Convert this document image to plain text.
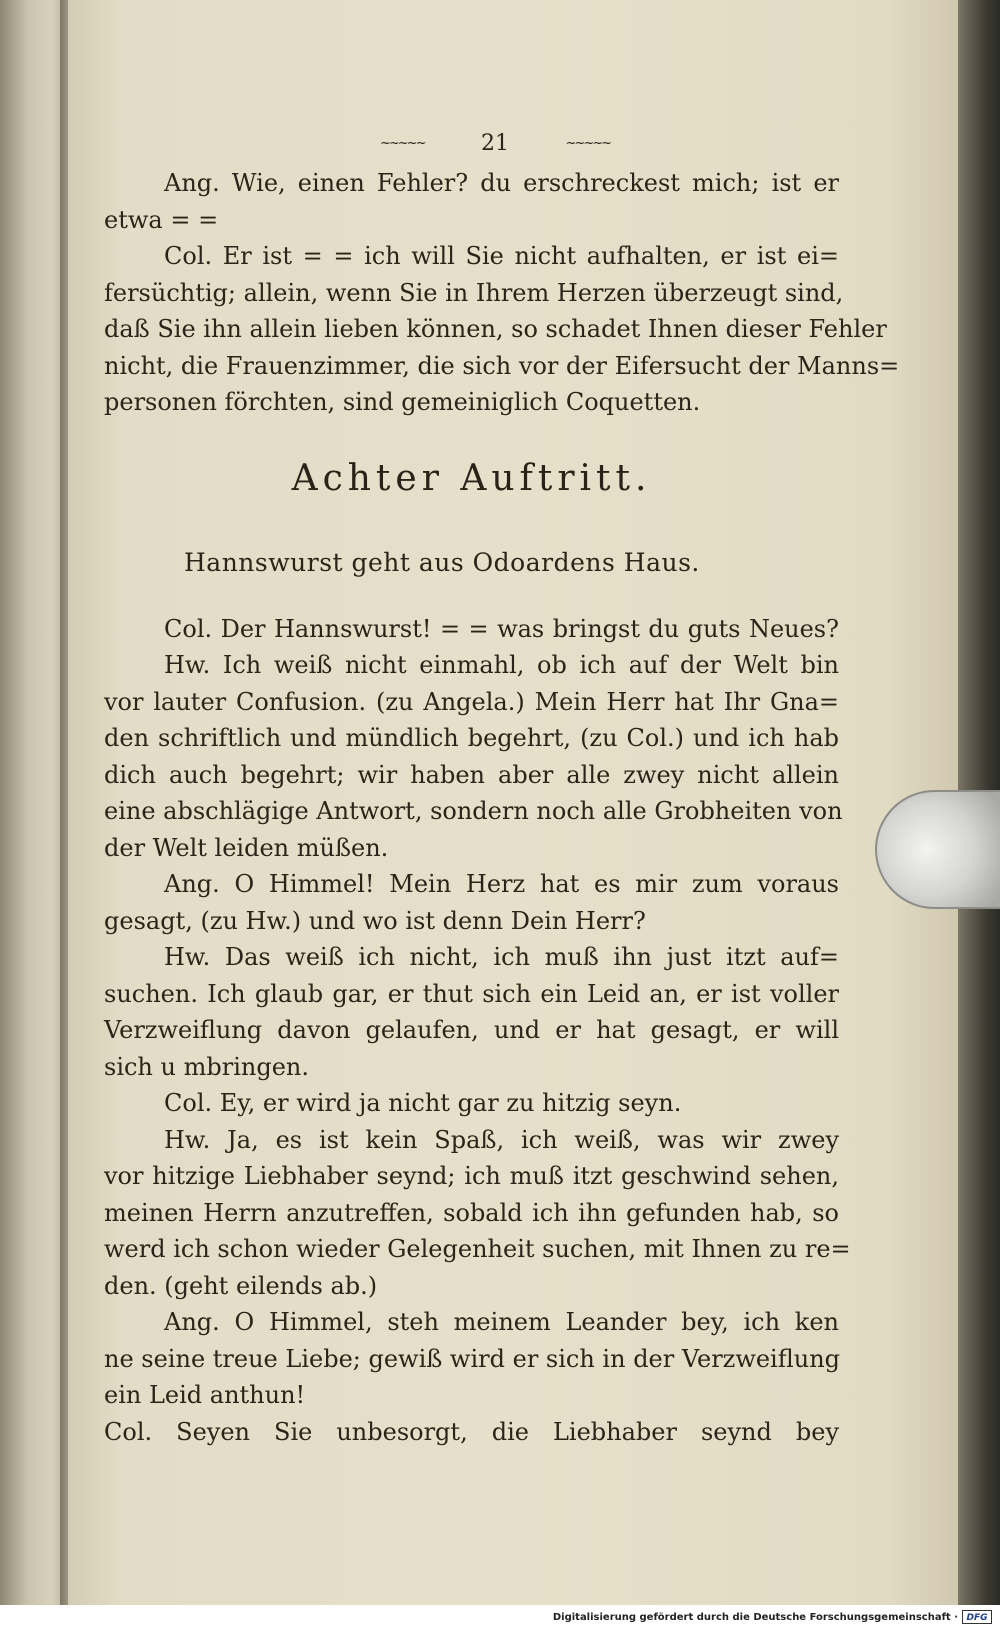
~~~~~	21	~~~~~
Ang. Wie, einen Fehler? du erschreckest mich; ist er
etwa = =
Col. Er ist = = ich will Sie nicht aufhalten, er ist ei=
fersüchtig; allein, wenn Sie in Ihrem Herzen überzeugt sind,
daß Sie ihn allein lieben können, so schadet Ihnen dieser Fehler
nicht, die Frauenzimmer, die sich vor der Eifersucht der Manns=
personen förchten, sind gemeiniglich Coquetten.
Achter Auftritt.
Hannswurst geht aus Odoardens Haus.
Col. Der Hannswurst! = = was bringst du guts Neues?
Hw. Ich weiß nicht einmahl, ob ich auf der Welt bin
vor lauter Confusion. (zu Angela.) Mein Herr hat Ihr Gna=
den schriftlich und mündlich begehrt, (zu Col.) und ich hab
dich auch begehrt; wir haben aber alle zwey nicht allein
eine abschlägige Antwort, sondern noch alle Grobheiten von
der Welt leiden müßen.
Ang. O Himmel! Mein Herz hat es mir zum voraus
gesagt, (zu Hw.) und wo ist denn Dein Herr?
Hw. Das weiß ich nicht, ich muß ihn just itzt auf=
suchen. Ich glaub gar, er thut sich ein Leid an, er ist voller
Verzweiflung davon gelaufen, und er hat gesagt, er will
sich u mbringen.
Col. Ey, er wird ja nicht gar zu hitzig seyn.
Hw. Ja, es ist kein Spaß, ich weiß, was wir zwey
vor hitzige Liebhaber seynd; ich muß itzt geschwind sehen,
meinen Herrn anzutreffen, sobald ich ihn gefunden hab, so
werd ich schon wieder Gelegenheit suchen, mit Ihnen zu re=
den. (geht eilends ab.)
Ang. O Himmel, steh meinem Leander bey, ich ken
ne seine treue Liebe; gewiß wird er sich in der Verzweiflung
ein Leid anthun!
Col. Seyen Sie unbesorgt, die Liebhaber seynd bey
Digitalisierung gefördert durch die Deutsche Forschungsgemeinschaft · DFG
